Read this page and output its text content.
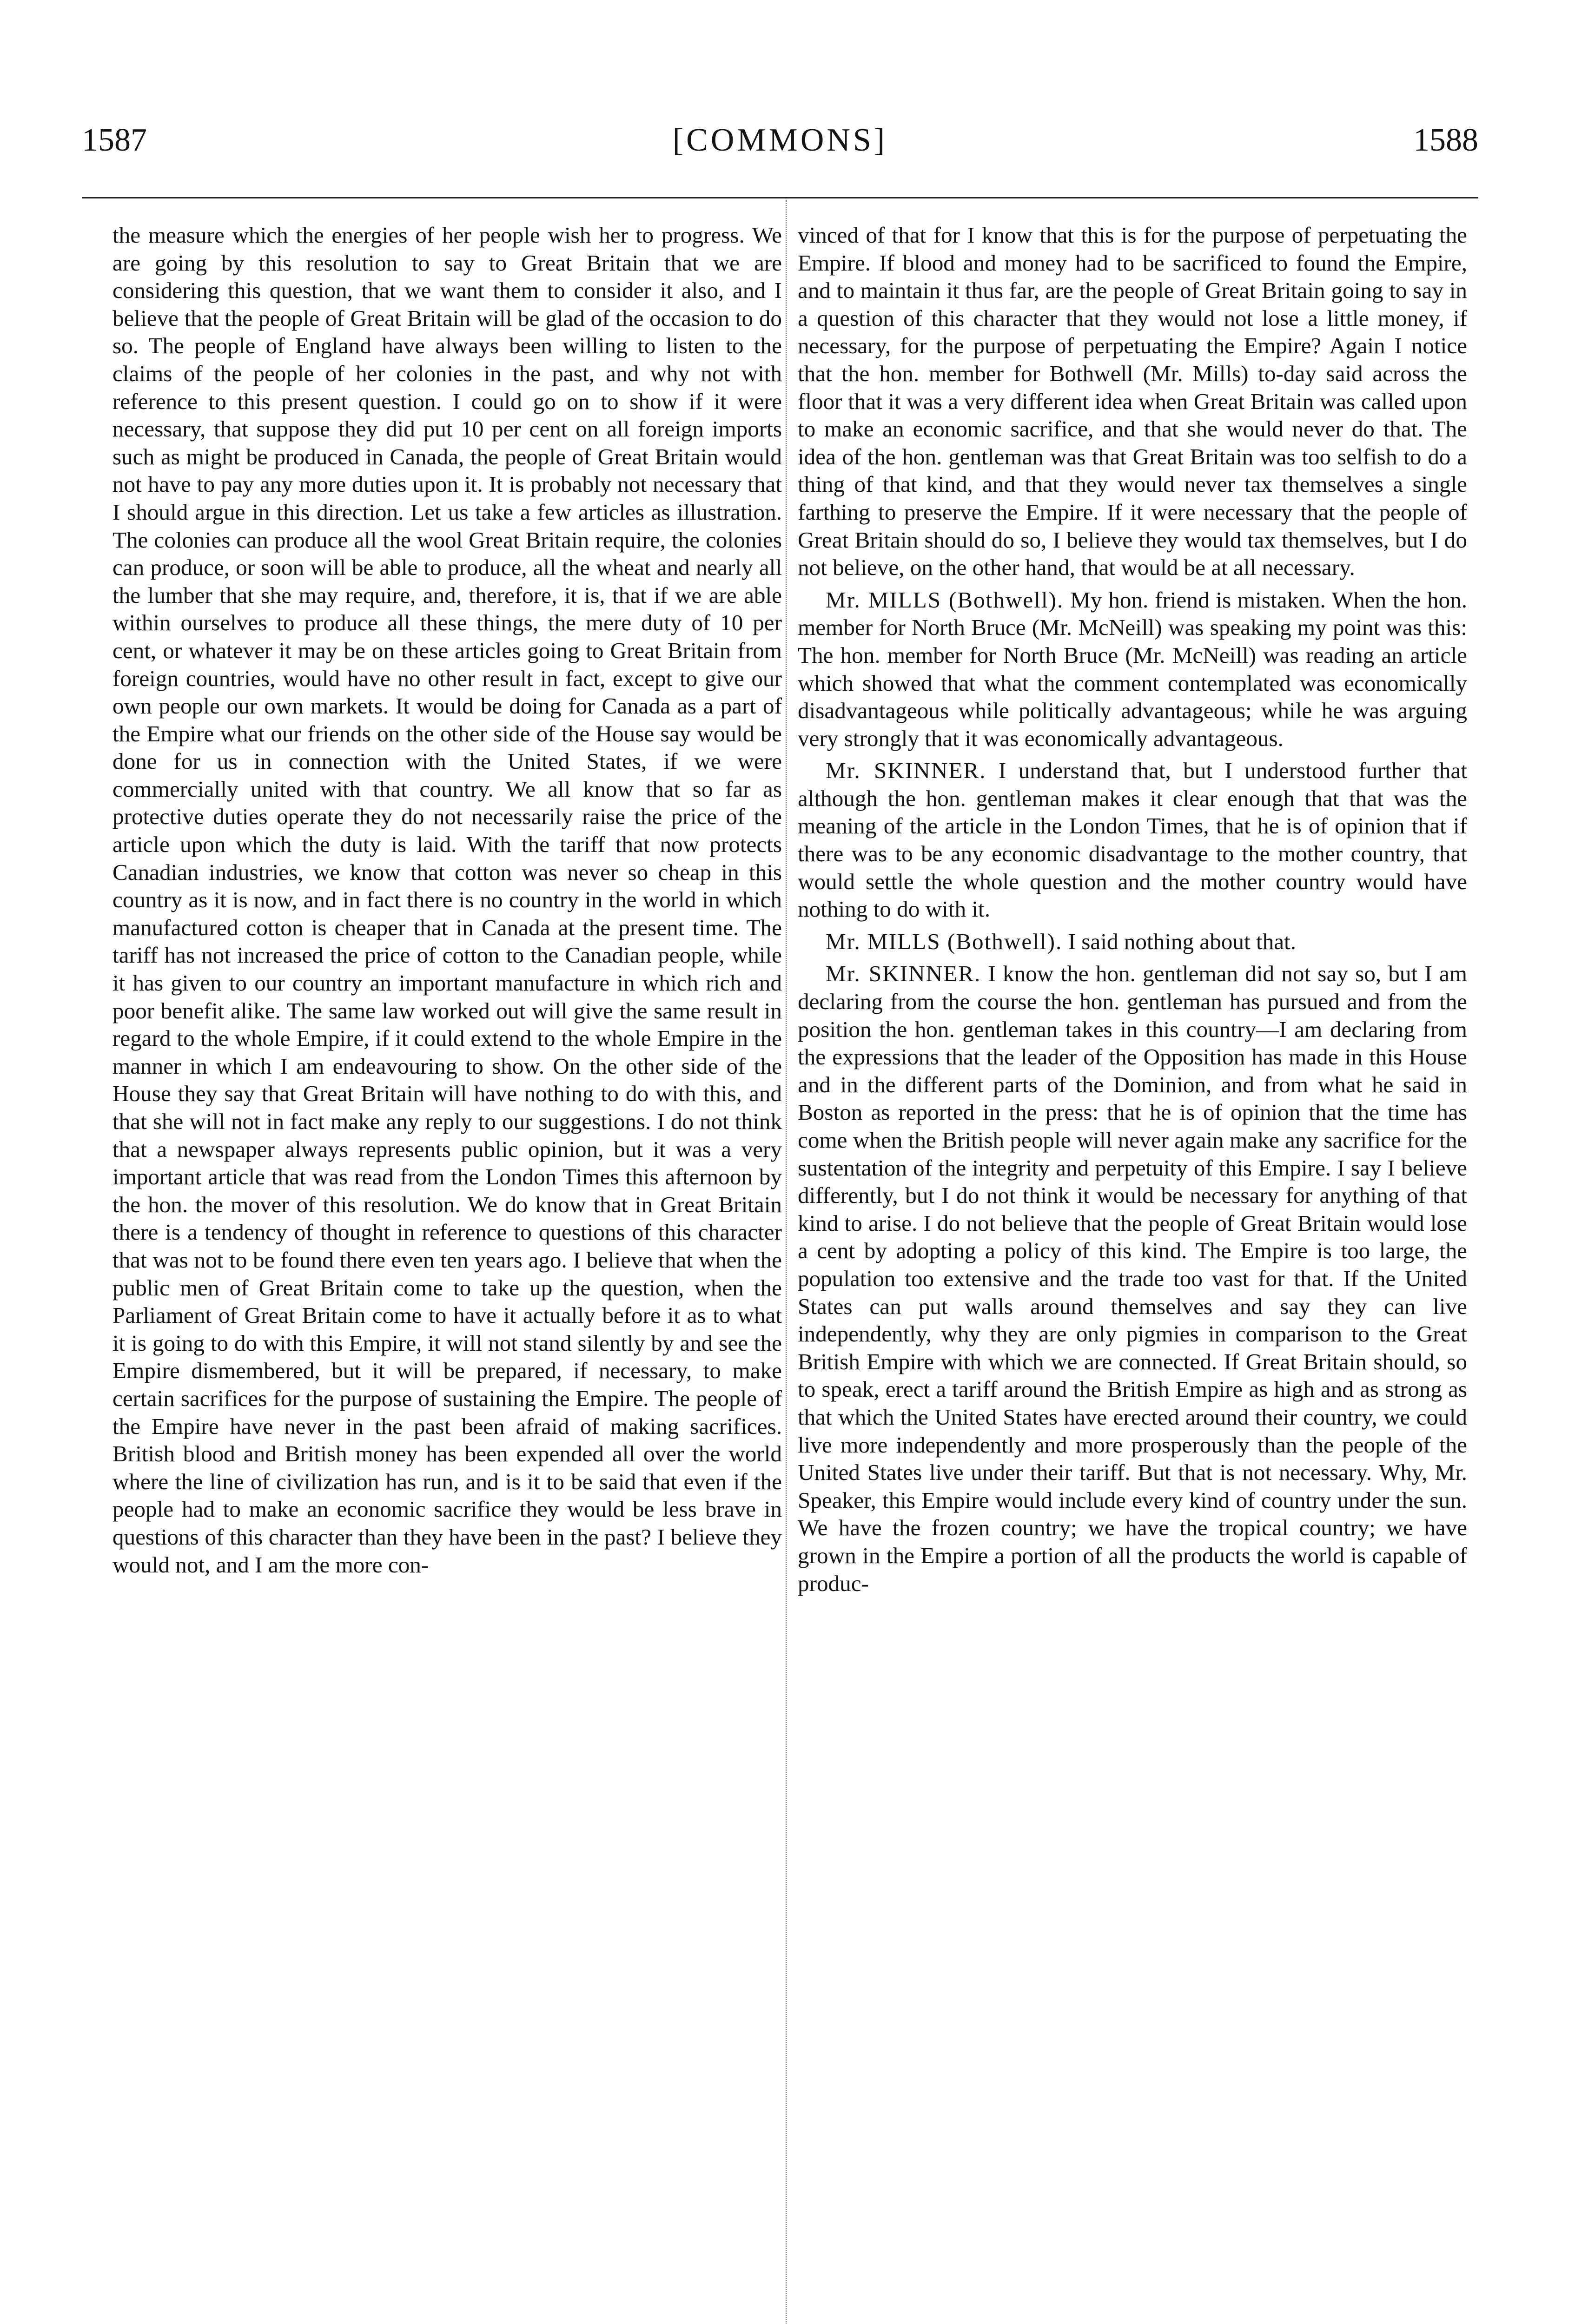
1587	[COMMONS]	1588

the measure which the energies of her people wish her to progress. We are going by this resolution to say to Great Britain that we are considering this question, that we want them to consider it also, and I believe that the people of Great Britain will be glad of the occasion to do so. The people of England have always been willing to listen to the claims of the people of her colonies in the past, and why not with reference to this present question. I could go on to show if it were necessary, that suppose they did put 10 per cent on all foreign imports such as might be produced in Canada, the people of Great Britain would not have to pay any more duties upon it. It is probably not necessary that I should argue in this direction. Let us take a few articles as illustration. The colonies can produce all the wool Great Britain require, the colonies can produce, or soon will be able to produce, all the wheat and nearly all the lumber that she may require, and, therefore, it is, that if we are able within ourselves to produce all these things, the mere duty of 10 per cent, or whatever it may be on these articles going to Great Britain from foreign countries, would have no other result in fact, except to give our own people our own markets. It would be doing for Canada as a part of the Empire what our friends on the other side of the House say would be done for us in connection with the United States, if we were commercially united with that country. We all know that so far as protective duties operate they do not necessarily raise the price of the article upon which the duty is laid. With the tariff that now protects Canadian industries, we know that cotton was never so cheap in this country as it is now, and in fact there is no country in the world in which manufactured cotton is cheaper that in Canada at the present time. The tariff has not increased the price of cotton to the Canadian people, while it has given to our country an important manufacture in which rich and poor benefit alike. The same law worked out will give the same result in regard to the whole Empire, if it could extend to the whole Empire in the manner in which I am endeavouring to show. On the other side of the House they say that Great Britain will have nothing to do with this, and that she will not in fact make any reply to our suggestions. I do not think that a newspaper always represents public opinion, but it was a very important article that was read from the London Times this afternoon by the hon. the mover of this resolution. We do know that in Great Britain there is a tendency of thought in reference to questions of this character that was not to be found there even ten years ago. I believe that when the public men of Great Britain come to take up the question, when the Parliament of Great Britain come to have it actually before it as to what it is going to do with this Empire, it will not stand silently by and see the Empire dismembered, but it will be prepared, if necessary, to make certain sacrifices for the purpose of sustaining the Empire. The people of the Empire have never in the past been afraid of making sacrifices. British blood and British money has been expended all over the world where the line of civilization has run, and is it to be said that even if the people had to make an economic sacrifice they would be less brave in questions of this character than they have been in the past? I believe they would not, and I am the more con-

vinced of that for I know that this is for the purpose of perpetuating the Empire. If blood and money had to be sacrificed to found the Empire, and to maintain it thus far, are the people of Great Britain going to say in a question of this character that they would not lose a little money, if necessary, for the purpose of perpetuating the Empire? Again I notice that the hon. member for Bothwell (Mr. Mills) to-day said across the floor that it was a very different idea when Great Britain was called upon to make an economic sacrifice, and that she would never do that. The idea of the hon. gentleman was that Great Britain was too selfish to do a thing of that kind, and that they would never tax themselves a single farthing to preserve the Empire. If it were necessary that the people of Great Britain should do so, I believe they would tax themselves, but I do not believe, on the other hand, that would be at all necessary.

Mr. MILLS (Bothwell). My hon. friend is mistaken. When the hon. member for North Bruce (Mr. McNeill) was speaking my point was this: The hon. member for North Bruce (Mr. McNeill) was reading an article which showed that what the comment contemplated was economically disadvantageous while politically advantageous; while he was arguing very strongly that it was economically advantageous.

Mr. SKINNER. I understand that, but I understood further that although the hon. gentleman makes it clear enough that that was the meaning of the article in the London Times, that he is of opinion that if there was to be any economic disadvantage to the mother country, that would settle the whole question and the mother country would have nothing to do with it.

Mr. MILLS (Bothwell). I said nothing about that.

Mr. SKINNER. I know the hon. gentleman did not say so, but I am declaring from the course the hon. gentleman has pursued and from the position the hon. gentleman takes in this country—I am declaring from the expressions that the leader of the Opposition has made in this House and in the different parts of the Dominion, and from what he said in Boston as reported in the press: that he is of opinion that the time has come when the British people will never again make any sacrifice for the sustentation of the integrity and perpetuity of this Empire. I say I believe differently, but I do not think it would be necessary for anything of that kind to arise. I do not believe that the people of Great Britain would lose a cent by adopting a policy of this kind. The Empire is too large, the population too extensive and the trade too vast for that. If the United States can put walls around themselves and say they can live independently, why they are only pigmies in comparison to the Great British Empire with which we are connected. If Great Britain should, so to speak, erect a tariff around the British Empire as high and as strong as that which the United States have erected around their country, we could live more independently and more prosperously than the people of the United States live under their tariff. But that is not necessary. Why, Mr. Speaker, this Empire would include every kind of country under the sun. We have the frozen country; we have the tropical country; we have grown in the Empire a portion of all the products the world is capable of produc-
